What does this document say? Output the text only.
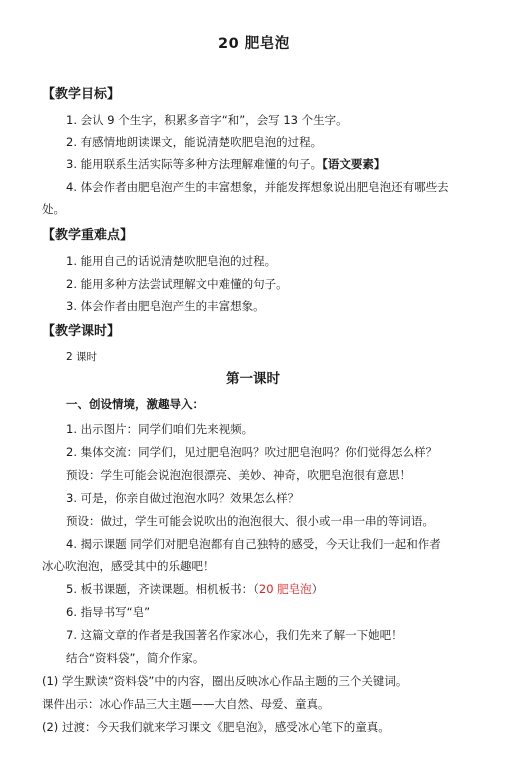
20 肥皂泡
【教学目标】
1. 会认 9 个生字，积累多音字“和”，会写 13 个生字。
2. 有感情地朗读课文，能说清楚吹肥皂泡的过程。
3. 能用联系生活实际等多种方法理解难懂的句子。【语文要素】
4. 体会作者由肥皂泡产生的丰富想象，并能发挥想象说出肥皂泡还有哪些去
处。
【教学重难点】
1. 能用自己的话说清楚吹肥皂泡的过程。
2. 能用多种方法尝试理解文中难懂的句子。
3. 体会作者由肥皂泡产生的丰富想象。
【教学课时】
2 课时
第一课时
一、创设情境，激趣导入：
1. 出示图片：同学们咱们先来视频。
2. 集体交流：同学们，见过肥皂泡吗？吹过肥皂泡吗？你们觉得怎么样？
预设：学生可能会说泡泡很漂亮、美妙、神奇，吹肥皂泡很有意思！
3. 可是，你亲自做过泡泡水吗？效果怎么样？
预设：做过，学生可能会说吹出的泡泡很大、很小或一串一串的等词语。
4. 揭示课题 同学们对肥皂泡都有自己独特的感受，今天让我们一起和作者
冰心吹泡泡，感受其中的乐趣吧！
5. 板书课题，齐读课题。相机板书：（20 肥皂泡）
6. 指导书写“皂”
7. 这篇文章的作者是我国著名作家冰心，我们先来了解一下她吧！
结合“资料袋”，简介作家。
(1) 学生默读“资料袋”中的内容，圈出反映冰心作品主题的三个关键词。
课件出示：冰心作品三大主题——大自然、母爱、童真。
(2) 过渡：今天我们就来学习课文《肥皂泡》，感受冰心笔下的童真。
